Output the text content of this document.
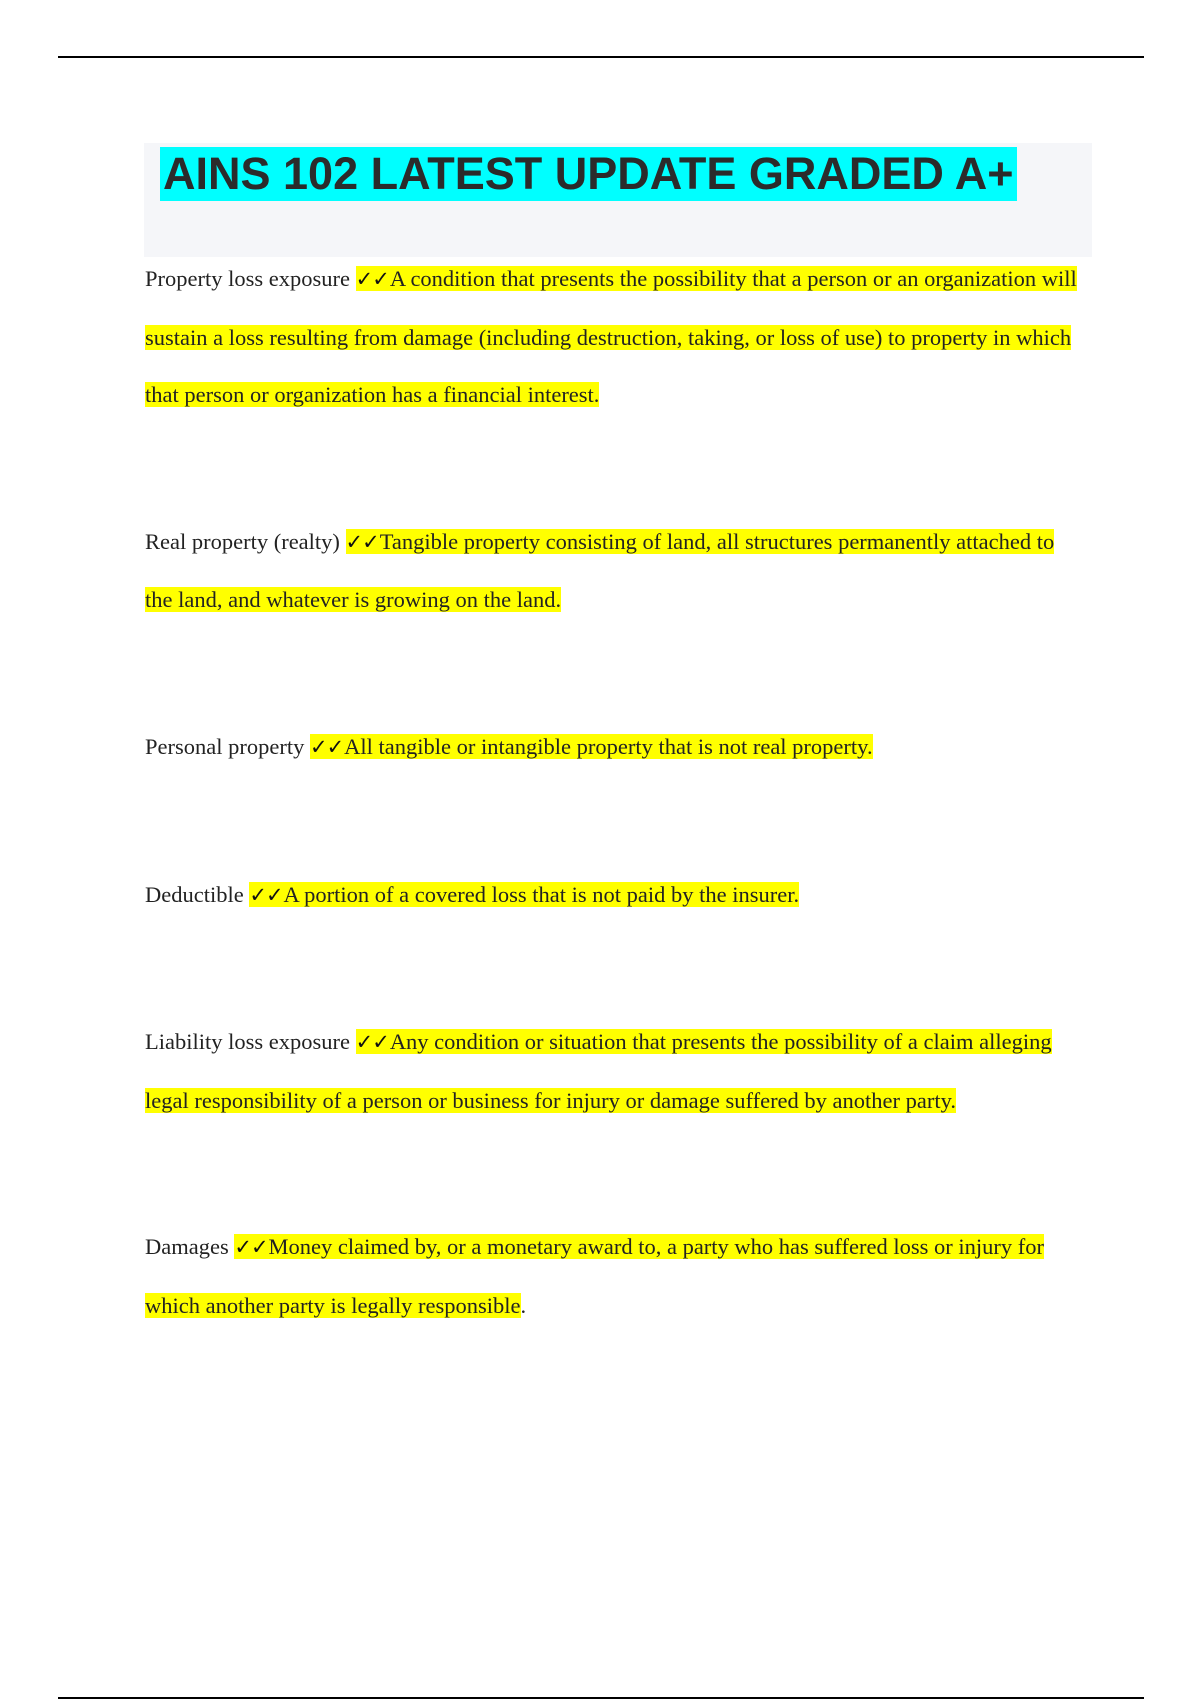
AINS 102 LATEST UPDATE GRADED A+

Property loss exposure ✓✓A condition that presents the possibility that a person or an organization will sustain a loss resulting from damage (including destruction, taking, or loss of use) to property in which that person or organization has a financial interest.

Real property (realty) ✓✓Tangible property consisting of land, all structures permanently attached to the land, and whatever is growing on the land.

Personal property ✓✓All tangible or intangible property that is not real property.

Deductible ✓✓A portion of a covered loss that is not paid by the insurer.

Liability loss exposure ✓✓Any condition or situation that presents the possibility of a claim alleging legal responsibility of a person or business for injury or damage suffered by another party.

Damages ✓✓Money claimed by, or a monetary award to, a party who has suffered loss or injury for which another party is legally responsible.
